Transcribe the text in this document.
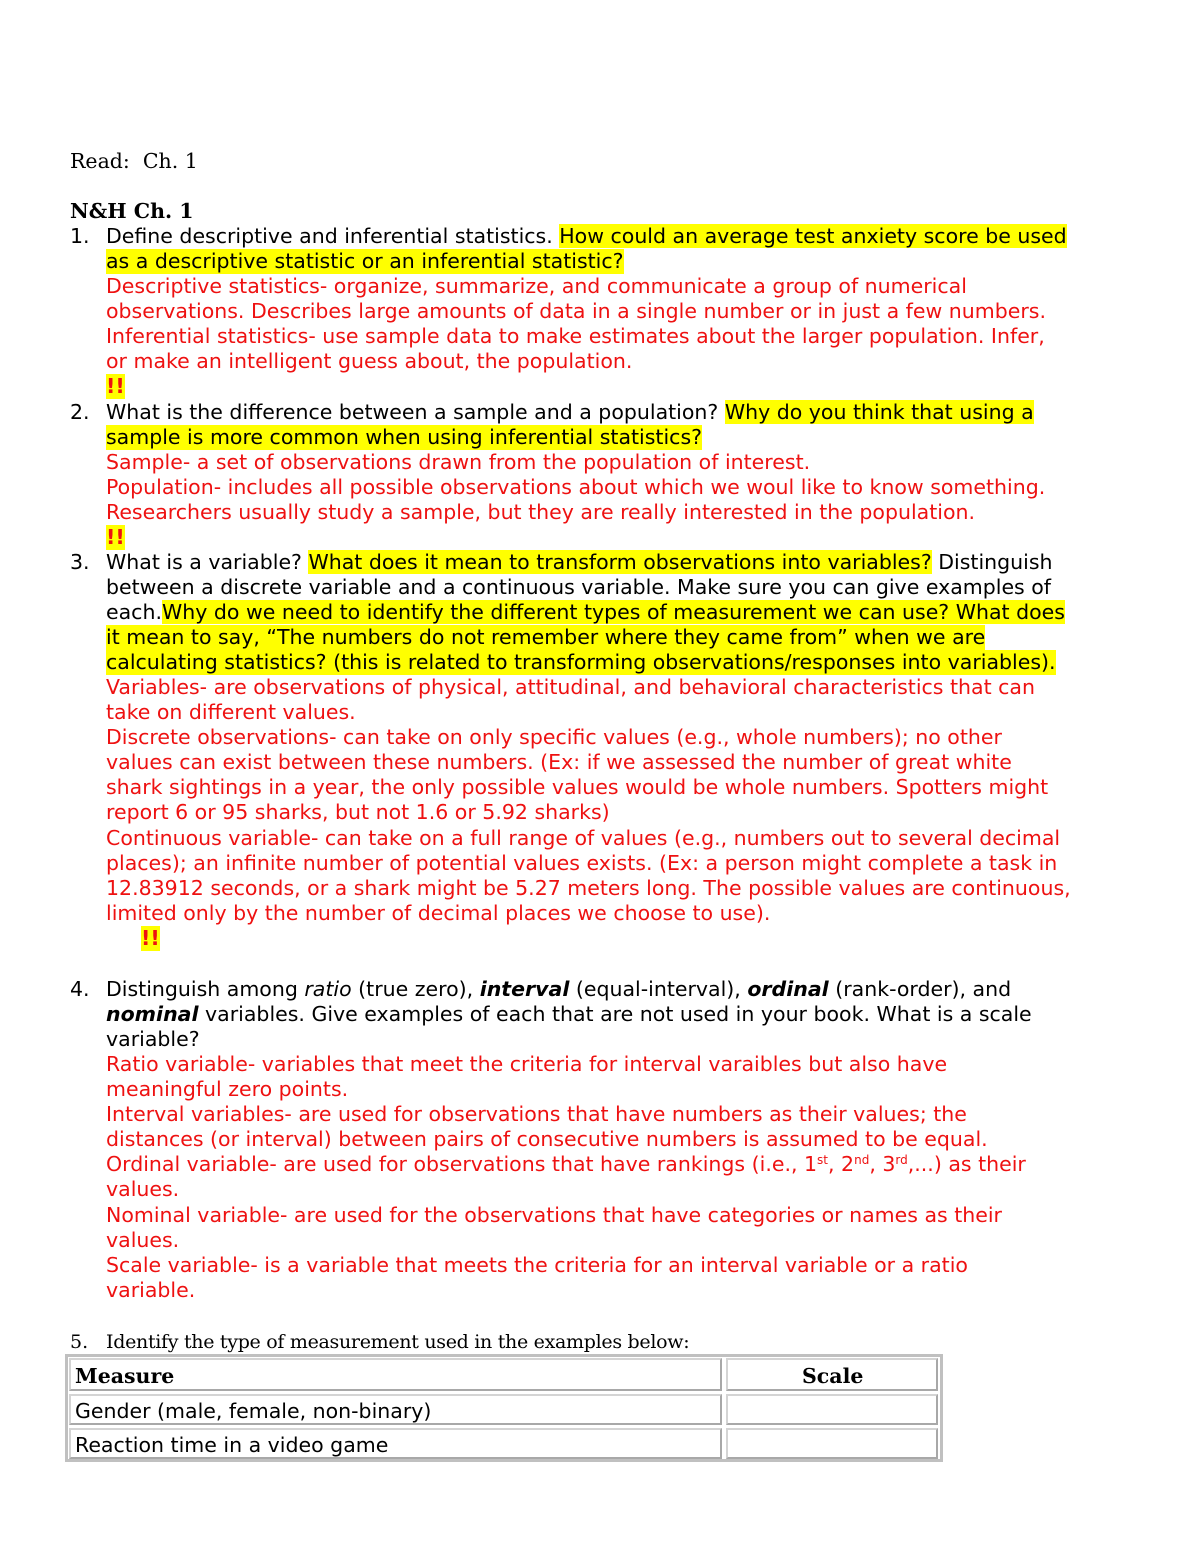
Read: Ch. 1
N&H Ch. 1
1. Define descriptive and inferential statistics. How could an average test anxiety score be used
as a descriptive statistic or an inferential statistic?
Descriptive statistics- organize, summarize, and communicate a group of numerical
observations. Describes large amounts of data in a single number or in just a few numbers.
Inferential statistics- use sample data to make estimates about the larger population. Infer,
or make an intelligent guess about, the population.
!!
2. What is the difference between a sample and a population? Why do you think that using a
sample is more common when using inferential statistics?
Sample- a set of observations drawn from the population of interest.
Population- includes all possible observations about which we woul like to know something.
Researchers usually study a sample, but they are really interested in the population.
!!
3. What is a variable? What does it mean to transform observations into variables? Distinguish
between a discrete variable and a continuous variable. Make sure you can give examples of
each.Why do we need to identify the different types of measurement we can use? What does
it mean to say, “The numbers do not remember where they came from” when we are
calculating statistics? (this is related to transforming observations/responses into variables).
Variables- are observations of physical, attitudinal, and behavioral characteristics that can
take on different values.
Discrete observations- can take on only specific values (e.g., whole numbers); no other
values can exist between these numbers. (Ex: if we assessed the number of great white
shark sightings in a year, the only possible values would be whole numbers. Spotters might
report 6 or 95 sharks, but not 1.6 or 5.92 sharks)
Continuous variable- can take on a full range of values (e.g., numbers out to several decimal
places); an infinite number of potential values exists. (Ex: a person might complete a task in
12.83912 seconds, or a shark might be 5.27 meters long. The possible values are continuous,
limited only by the number of decimal places we choose to use).
!!
4. Distinguish among ratio (true zero), interval (equal-interval), ordinal (rank-order), and
nominal variables. Give examples of each that are not used in your book. What is a scale
variable?
Ratio variable- variables that meet the criteria for interval varaibles but also have
meaningful zero points.
Interval variables- are used for observations that have numbers as their values; the
distances (or interval) between pairs of consecutive numbers is assumed to be equal.
Ordinal variable- are used for observations that have rankings (i.e., 1st, 2nd, 3rd,...) as their
values.
Nominal variable- are used for the observations that have categories or names as their
values.
Scale variable- is a variable that meets the criteria for an interval variable or a ratio
variable.
5. Identify the type of measurement used in the examples below:
Measure	Scale
Gender (male, female, non-binary)
Reaction time in a video game
